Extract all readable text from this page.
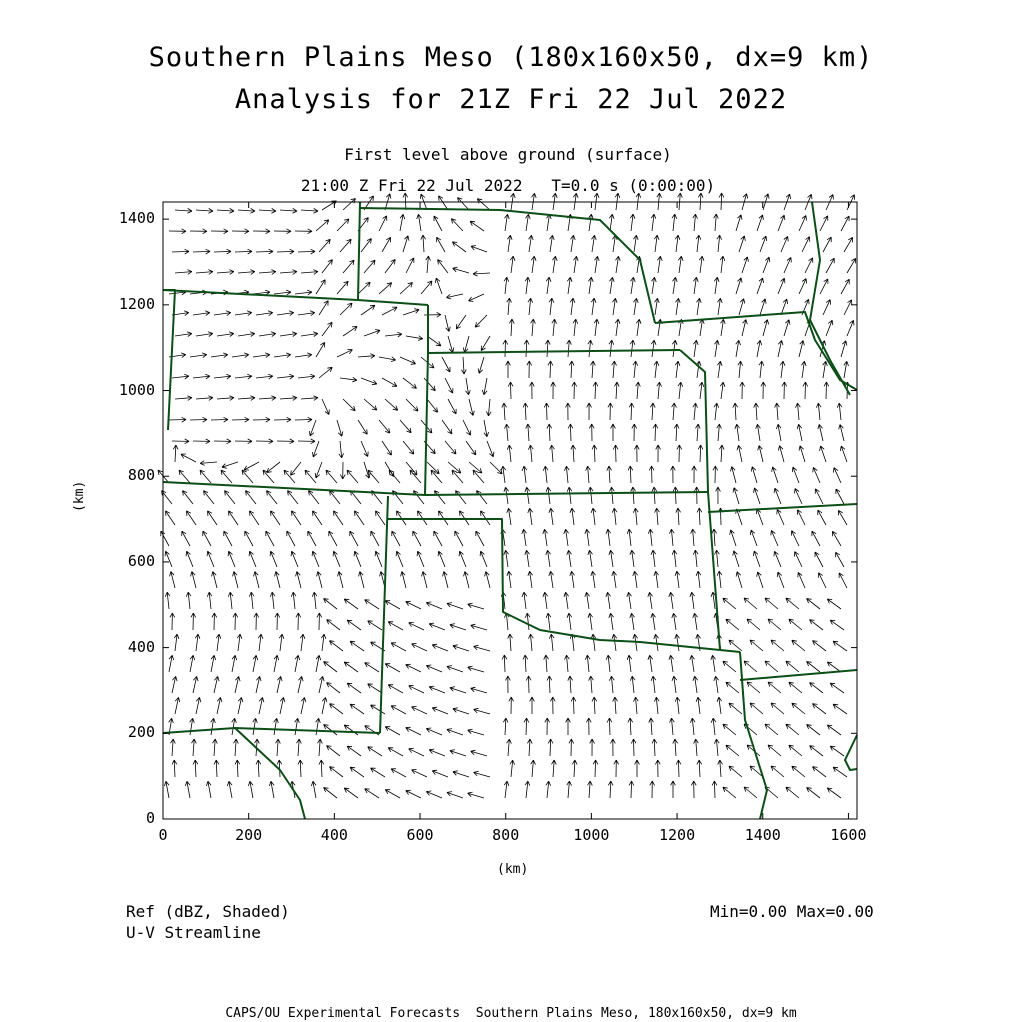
Southern Plains Meso (180x160x50, dx=9 km)
Analysis for 21Z Fri 22 Jul 2022
First level above ground (surface)
21:00 Z Fri 22 Jul 2022   T=0.0 s (0:00:00)
0	200	400	600	800	1000	1200	1400	1600
0
200
400
600
800
1000
1200
1400
(km)
(km)
Ref (dBZ, Shaded)
U-V Streamline
Min=0.00 Max=0.00
CAPS/OU Experimental Forecasts  Southern Plains Meso, 180x160x50, dx=9 km
